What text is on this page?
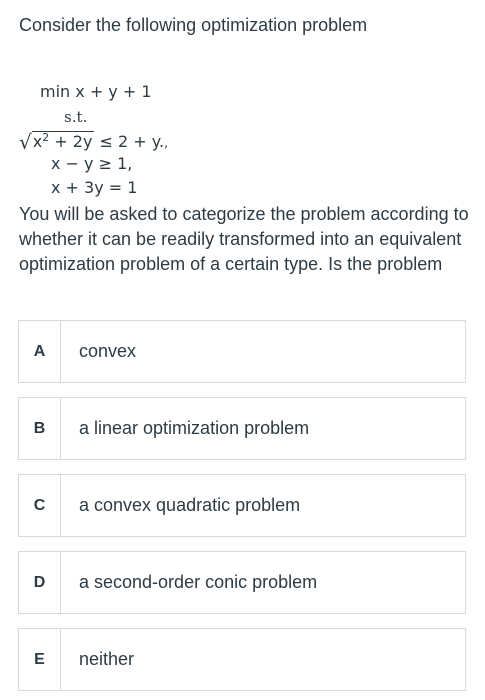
Consider the following optimization problem

min x + y + 1
s.t.
$√x^2 + 2y \le 2 + y$.,
x − y ≥ 1,
x + 3y = 1

You will be asked to categorize the problem according to whether it can be readily transformed into an equivalent optimization problem of a certain type. Is the problem

A	convex
B	a linear optimization problem
C	a convex quadratic problem
D	a second-order conic problem
E	neither
